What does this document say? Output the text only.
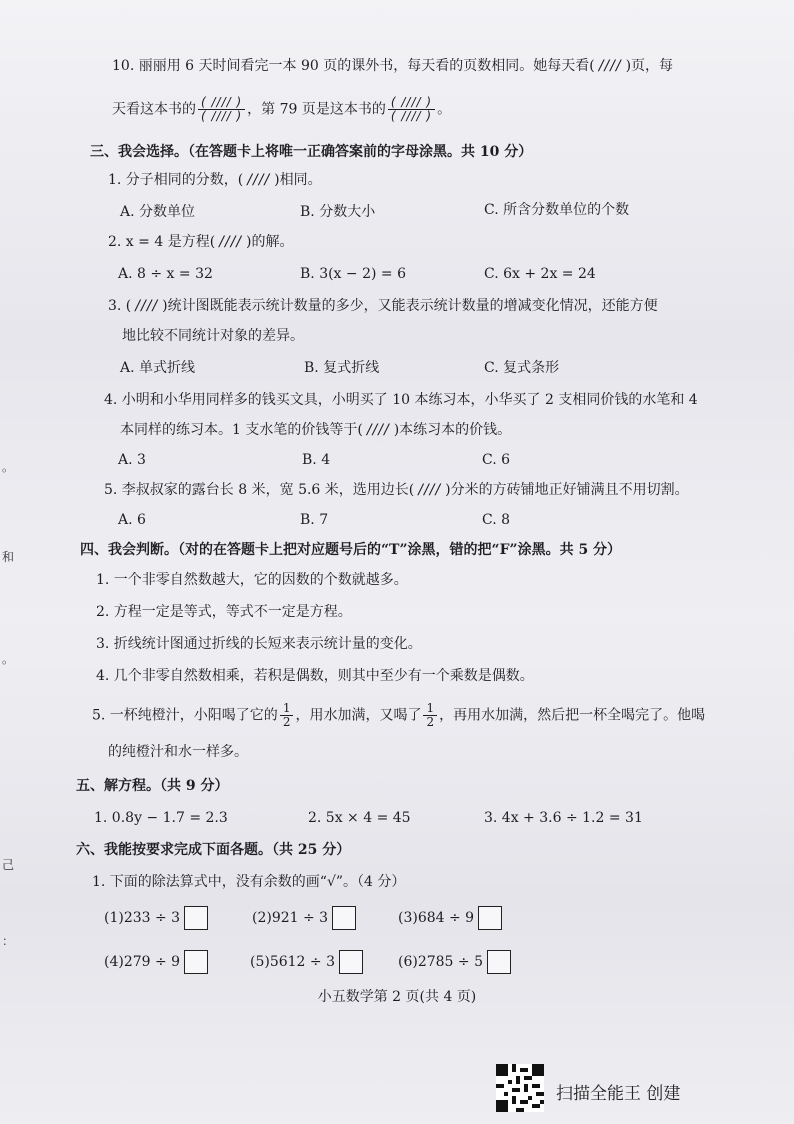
。
和
。
己
：
10. 丽丽用 6 天时间看完一本 90 页的课外书，每天看的页数相同。她每天看( //// )页，每
天看这本书的 $\frac{( //// )}{( //// )}$ ，第 79 页是这本书的 $\frac{( //// )}{( //// )}$ 。
三、我会选择。（在答题卡上将唯一正确答案前的字母涂黑。共 10 分）
1. 分子相同的分数，( //// )相同。
A. 分数单位	B. 分数大小	C. 所含分数单位的个数
2. x = 4 是方程( //// )的解。
A. 8 ÷ x = 32	B. 3(x − 2) = 6	C. 6x + 2x = 24
3. ( //// )统计图既能表示统计数量的多少，又能表示统计数量的增减变化情况，还能方便
地比较不同统计对象的差异。
A. 单式折线	B. 复式折线	C. 复式条形
4. 小明和小华用同样多的钱买文具，小明买了 10 本练习本，小华买了 2 支相同价钱的水笔和 4
本同样的练习本。1 支水笔的价钱等于( //// )本练习本的价钱。
A. 3	B. 4	C. 6
5. 李叔叔家的露台长 8 米，宽 5.6 米，选用边长( //// )分米的方砖铺地正好铺满且不用切割。
A. 6	B. 7	C. 8
四、我会判断。（对的在答题卡上把对应题号后的“T”涂黑，错的把“F”涂黑。共 5 分）
1. 一个非零自然数越大，它的因数的个数就越多。
2. 方程一定是等式，等式不一定是方程。
3. 折线统计图通过折线的长短来表示统计量的变化。
4. 几个非零自然数相乘，若积是偶数，则其中至少有一个乘数是偶数。
5. 一杯纯橙汁，小阳喝了它的 $\frac{1}{2}$ ，用水加满，又喝了 $\frac{1}{2}$ ，再用水加满，然后把一杯全喝完了。他喝
的纯橙汁和水一样多。
五、解方程。（共 9 分）
1. 0.8y − 1.7 = 2.3	2. 5x × 4 = 45	3. 4x + 3.6 ÷ 1.2 = 31
六、我能按要求完成下面各题。（共 25 分）
1. 下面的除法算式中，没有余数的画“√”。（4 分）
(1)233 ÷ 3	(2)921 ÷ 3	(3)684 ÷ 9
(4)279 ÷ 9	(5)5612 ÷ 3	(6)2785 ÷ 5
小五数学第 2 页(共 4 页)
扫描全能王 创建
